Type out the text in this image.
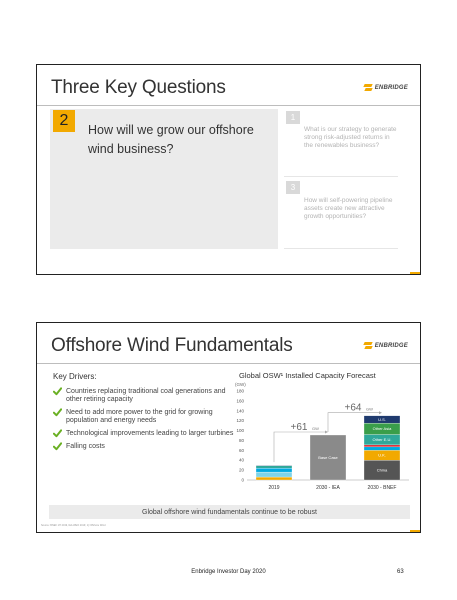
Three Key Questions	ENBRIDGE
2
How will we grow our offshore wind business?
1
What is our strategy to generate strong risk-adjusted returns in the renewables business?
3
How will self-powering pipeline assets create new attractive growth opportunities?
Offshore Wind Fundamentals	ENBRIDGE
Key Drivers:
Countries replacing traditional coal generations and other retiring capacity
Need to add more power to the grid for growing population and energy needs
Technological improvements leading to larger turbines
Falling costs
Global OSW¹ Installed Capacity Forecast
(GW)
0
20
40
60
80
100
120
140
160
180
2019
Base Case
2030 - IEA
China
U.K.
Other E.U.
Other Asia
U.S.
2030 - BNEF
+61 GW
+64 GW
Global offshore wind fundamentals continue to be robust
Source: BNEF 1H 2019, IEA WEO 2019; 1) Offshore Wind
Enbridge Investor Day 2020	63
